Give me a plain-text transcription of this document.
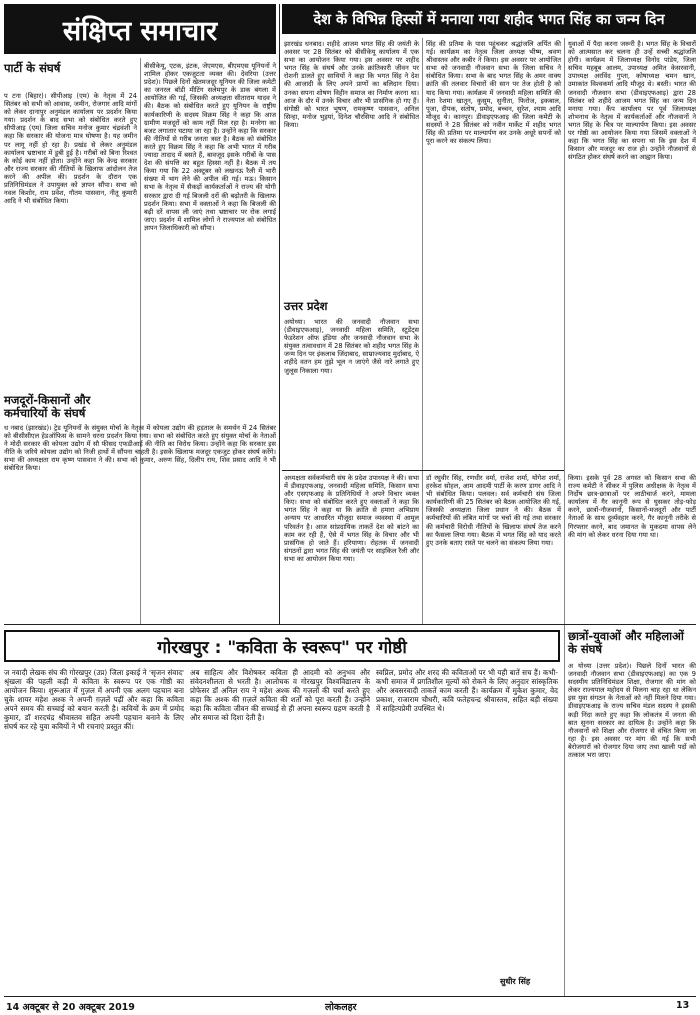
संक्षिप्त समाचार	देश के विभिन्न हिस्सों में मनाया गया शहीद भगत सिंह का जन्म दिन
पार्टी के संघर्ष
प टना (बिहार)। सीपीआइ (एम) के नेतृत्व में 24 सितंबर को सभी को आवास, जमीन, रोजगार आदि मांगों को लेकर दानापुर अनुमंडल कार्यालय पर प्रदर्शन किया गया। प्रदर्शन के बाद सभा को संबोधित करते हुए सीपीआइ (एम) जिला सचिव मनोज कुमार चंद्रवंशी ने कहा कि सरकार की योजना मात्र घोषणा है। यह जमीन पर लागू नहीं हो रहा है। प्रखंड से लेकर अनुमंडल कार्यालय भ्रष्टाचार में डूबी हुई है। गरीबों को बिना रिश्वत के कोई काम नहीं होता। उन्होंने कहा कि केन्द्र सरकार और राज्य सरकार की नीतियों के खिलाफ आंदोलन तेज करने की अपील की। प्रदर्शन के दौरान एक प्रतिनिधिमंडल ने उपायुक्त को ज्ञापन सौंपा। सभा को नवल किशोर, राम प्रवेश, गौतम पासवान, नीतू कुमारी आदि ने भी संबोधित किया।
मजदूरों-किसानों और कर्मचारियों के संघर्ष
ध नबाद (झारखंड)। ट्रेड यूनियनों के संयुक्त मोर्चा के नेतृत्व में कोयला उद्योग की हड़ताल के समर्थन में 24 सितंबर को बीसीसीएल हेडऑफिस के सामने धरना प्रदर्शन किया गया। सभा को संबोधित करते हुए संयुक्त मोर्चा के नेताओं ने मोदी सरकार की कोयला उद्योग में सौ फीसद एफडीआई की नीति का विरोध किया। उन्होंने कहा कि सरकार इस नीति के जरिये कोयला उद्योग को निजी हाथों में सौंपना चाहती है। इसके खिलाफ मजदूर एकजुट होकर संघर्ष करेंगे। सभा की अध्यक्षता राम कृष्ण पासवान ने की। सभा को कुमार, अरुण सिंह, दिलीप राय, शिव प्रसाद आदि ने भी संबोधित किया।
बीसीकेयू, एटक, इंटक, जेएमएस, बीएमएस यूनियनों ने शामिल होकर एकजुटता व्यक्त की। देवरिया (उत्तर प्रदेश)। पिछले दिनों खेतमजदूर यूनियन की जिला कमेटी का जनरल बॉडी मीटिंग सलेमपुर के डाक बंगला में आयोजित की गई, जिसकी अध्यक्षता सीताराम यादव ने की। बैठक को संबोधित करते हुए यूनियन के राष्ट्रीय कार्यकारिणी के सदस्य विक्रम सिंह ने कहा कि आज ग्रामीण मजदूरों को काम नहीं मिल रहा है। मनरेगा का बजट लगातार घटाया जा रहा है। उन्होंने कहा कि सरकार की नीतियों से गरीब जनता त्रस्त है। बैठक को संबोधित करते हुए विक्रम सिंह ने कहा कि अभी भारत में गरीब ज्यादा तादाद में बसते हैं, बावजूद इसके गरीबों के पास देश की संपत्ति का बहुत हिस्सा नहीं है। बैठक में तय किया गया कि 22 अक्टूबर को लखनऊ रैली में भारी संख्या में भाग लेने की अपील की गई। मऊ। किसान सभा के नेतृत्व में सैकड़ों कार्यकर्ताओं ने राज्य की योगी सरकार द्वारा दी गई बिजली दरों की बढ़ोतरी के खिलाफ प्रदर्शन किया। सभा में वक्ताओं ने कहा कि बिजली की बढ़ी दरें वापस ली जाएं तथा भ्रष्टाचार पर रोक लगाई जाए। प्रदर्शन में शामिल लोगों ने राज्यपाल को संबोधित ज्ञापन जिलाधिकारी को सौंपा।
झारखंड धनबाद। शहीदे आजम भगत सिंह की जयंती के अवसर पर 28 सितंबर को बीसीकेयू कार्यालय में एक सभा का आयोजन किया गया। इस अवसर पर शहीद भगत सिंह के संघर्ष और उनके क्रांतिकारी जीवन पर रोशनी डालते हुए साथियों ने कहा कि भगत सिंह ने देश की आजादी के लिए अपने प्राणों का बलिदान दिया। उनका सपना शोषण विहीन समाज का निर्माण करना था। आज के दौर में उनके विचार और भी प्रासंगिक हो गए हैं। संगोष्ठी को भारत भूषण, रामकृष्ण पासवान, अनिल सिन्हा, मनोज भुइयां, दिनेश चौरसिया आदि ने संबोधित किया।
उत्तर प्रदेश
अयोध्या। भारत की जनवादी नौजवान सभा (डीवाइएफआइ), जनवादी महिला समिति, स्टूडेंट्स फेडरेशन ऑफ इंडिया और जनवादी नौजवान सभा के संयुक्त तत्वावधान में 28 सितंबर को शहीद भगत सिंह के जन्म दिन पर इंकलाब जिंदाबाद, साम्राज्यवाद मुर्दाबाद, ऐ शहीदे वतन हम तुझे भूल न जाएंगे जैसे नारे लगाते हुए जुलूस निकाला गया।
सिंह की प्रतिमा के पास पहुंचकर श्रद्धांजलि अर्पित की गई। कार्यक्रम का नेतृत्व जिला अध्यक्ष भीष्म, श्रवण श्रीवास्तव और कबीर ने किया। इस अवसर पर आयोजित सभा को जनवादी नौजवान सभा के जिला सचिव ने संबोधित किया। सभा के बाद भगत सिंह के अमर वाक्य क्रांति की तलवार विचारों की सान पर तेज होती है को याद किया गया। कार्यक्रम में जनवादी महिला समिति की नेता रेशमा खातून, कुसुम, सुनीता, फिरोज, इकबाल, पूजा, दीपक, संतोष, प्रमोद, बच्चन, सुरेश, श्याम आदि मौजूद थे। कानपुर। डीवाइएफआइ की जिला कमेटी के सदस्यों ने 28 सितंबर को नवीन मार्केट में शहीद भगत सिंह की प्रतिमा पर माल्यार्पण कर उनके अधूरे सपनों को पूरा करने का संकल्प लिया।
युवाओं में पैदा करना जरूरी है। भगत सिंह के विचारों को आत्मसात कर चलना ही उन्हें सच्ची श्रद्धांजलि होगी। कार्यक्रम में जिलाध्यक्ष विनोद पांडेय, जिला सचिव महबूब आलम, उपाध्यक्ष अमित केसरवानी, उपाध्यक्ष अरविंद गुप्ता, कोषाध्यक्ष चमन खान, उमाकांत विश्वकर्मा आदि मौजूद थे। बस्ती। भारत की जनवादी नौजवान सभा (डीवाइएफआइ) द्वारा 28 सितंबर को शहीदे आजम भगत सिंह का जन्म दिन मनाया गया। कैंप कार्यालय पर पूर्व जिलाध्यक्ष शोभनाथ के नेतृत्व में कार्यकर्ताओं और नौजवानों ने भगत सिंह के चित्र पर माल्यार्पण किया। इस अवसर पर गोष्ठी का आयोजन किया गया जिसमें वक्ताओं ने कहा कि भगत सिंह का सपना था कि इस देश में किसान और मजदूर का राज हो। उन्होंने नौजवानों से संगठित होकर संघर्ष करने का आह्वान किया।
अध्यक्षता सर्वकर्मचारी संघ के प्रदेश उपाध्यक्ष ने की। सभा में डीवाइएफआइ, जनवादी महिला समिति, किसान सभा और एसएफआइ के प्रतिनिधियों ने अपने विचार व्यक्त किए। सभा को संबोधित करते हुए वक्ताओं ने कहा कि भगत सिंह ने कहा था कि क्रांति से हमारा अभिप्राय अन्याय पर आधारित मौजूदा समाज व्यवस्था में आमूल परिवर्तन है। आज सांप्रदायिक ताकतें देश को बांटने का काम कर रही हैं, ऐसे में भगत सिंह के विचार और भी प्रासंगिक हो जाते हैं। हरियाणा। रोहतक में जनवादी संगठनों द्वारा भगत सिंह की जयंती पर साइकिल रैली और सभा का आयोजन किया गया।
डॉ रघुवीर सिंह, रणधीर वर्मा, राजेश शर्मा, योगेश शर्मा, हरकेश सोहल, आम आदमी पार्टी के करण डागर आदि ने भी संबोधित किया। पलवल। सर्व कर्मचारी संघ जिला कार्यकारिणी की 25 सितंबर को बैठक आयोजित की गई, जिसकी अध्यक्षता जिला प्रधान ने की। बैठक में कर्मचारियों की लंबित मांगों पर चर्चा की गई तथा सरकार की कर्मचारी विरोधी नीतियों के खिलाफ संघर्ष तेज करने का फैसला लिया गया। बैठक में भगत सिंह को याद करते हुए उनके बताए रास्ते पर चलने का संकल्प लिया गया।
किया। इसके पूर्व 28 अगस्त को किसान सभा की राज्य कमेटी ने सीकर में पुलिस अधीक्षक के नेतृत्व में निर्दोष छात्र-छात्राओं पर लाठीचार्ज करने, मामला कार्यालय में गैर कानूनी रूप से घुसकर तोड़-फोड़ करने, छात्रों-नौजवानों, किसानों-मजदूरों और पार्टी नेताओं के साथ दुर्व्यवहार करने, गैर कानूनी तरीके से गिरफ्तार करने, बाद जमानत के मुकदमा वापस लेने की मांग को लेकर धरना दिया गया था।
गोरखपुर : "कविता के स्वरूप" पर गोष्ठी
ज नवादी लेखक संघ की गोरखपुर (उप्र) जिला इकाई ने 'सृजन संवाद' श्रृंखला की पहली कड़ी में कविता के स्वरूप पर एक गोष्ठी का आयोजन किया। शुरूआत में गुज़ल में अपनी एक अलग पहचान बना चुके शायर महेश अश्क ने अपनी ग़ज़लें पढ़ीं और कहा कि कविता अपने समय की सच्चाई को बयान करती है। कवियों के क्रम में प्रमोद कुमार, डॉ शरदचंद्र श्रीवास्तव सहित अपनी पहचान बनाने के लिए संघर्ष कर रहे युवा कवियों ने भी रचनाएं प्रस्तुत कीं।
अब साहित्य और विशेषकर कविता ही आदमी को अनुभव और संवेदनशीलता से भरती है। आलोचक व गोरखपुर विश्वविद्यालय के प्रोफेसर डॉ अनिल राय ने महेश अश्क की गज़लों की चर्चा करते हुए कहा कि अश्क की ग़ज़लें कविता की शर्तों को पूरा करती हैं। उन्होंने कहा कि कविता जीवन की सच्चाई से ही अपना स्वरूप ग्रहण करती है और समाज को दिशा देती है।
स्वप्निल, प्रमोद और शरद की कविताओं पर भी यही बातें सच हैं। कभी-कभी समाज में प्रगतिशील मूल्यों को रोकने के लिए अनुदार सांस्कृतिक और अवसरवादी ताकतें काम करती हैं। कार्यक्रम में मुकेश कुमार, वेद प्रकाश, राजाराम चौधरी, कवि फतेहचन्द्र श्रीवास्तव, सहित बड़ी संख्या में साहित्यप्रेमी उपस्थित थे।
सुधीर सिंह
छात्रों-युवाओं और महिलाओं के संघर्ष
अ योध्या (उत्तर प्रदेश)। पिछले दिनों भारत की जनवादी नौजवान सभा (डीवाइएफआइ) का एक 9 सदस्यीय प्रतिनिधिमंडल शिक्षा, रोजगार की मांग को लेकर राज्यपाल महोदय से मिलना चाह रहा था लेकिन इस युवा संगठन के नेताओं को नहीं मिलने दिया गया। डीवाइएफआइ के राज्य सचिव मंडल सदस्य ने इसकी कड़ी निंदा करते हुए कहा कि लोकतंत्र में जनता की बात सुनना सरकार का दायित्व है। उन्होंने कहा कि नौजवानों को शिक्षा और रोजगार से वंचित किया जा रहा है। इस अवसर पर मांग की गई कि सभी बेरोजगारों को रोजगार दिया जाए तथा खाली पदों को तत्काल भरा जाए।
14 अक्टूबर से 20 अक्टूबर 2019	लोकलहर	13
